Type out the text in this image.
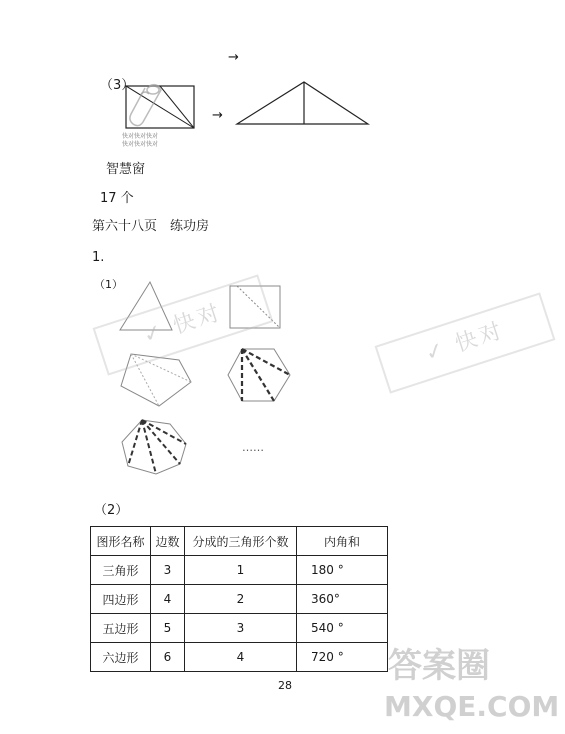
→
（3）
快对快对快对
快对快对快对
→
智慧窗
17 个
第六十八页　练功房
1.
（1）
……
（2）
图形名称	边数	分成的三角形个数	内角和
三角形	3	1	180 °
四边形	4	2	360°
五边形	5	3	540 °
六边形	6	4	720 °
28
✓ 快对
✓ 快对
答案圈
MXQE.COM
